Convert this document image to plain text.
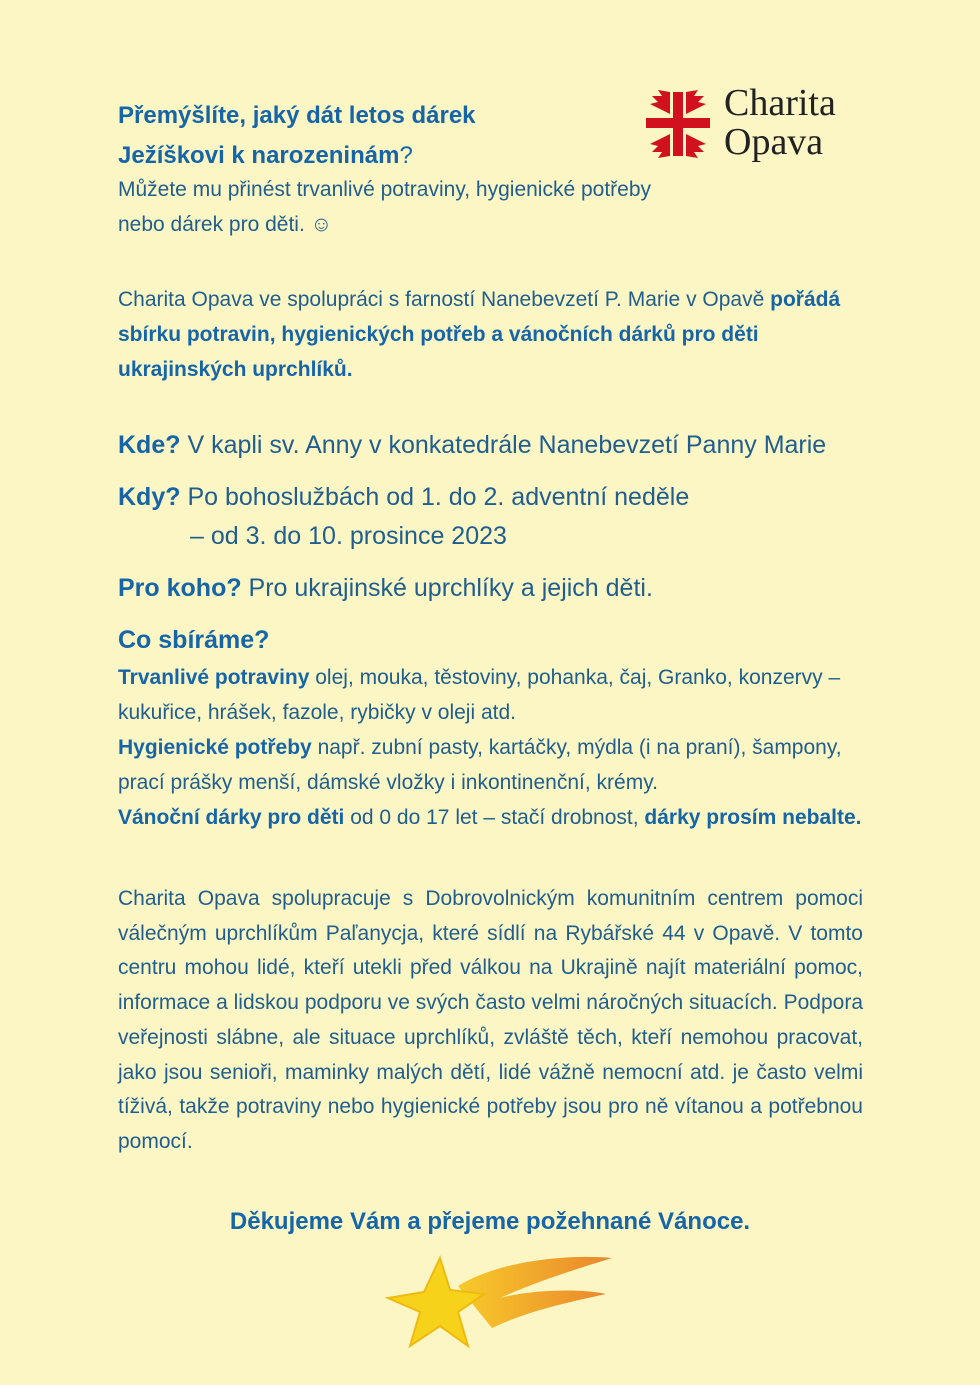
Přemýšlíte, jaký dát letos dárek
Ježíškovi k narozeninám?
Můžete mu přinést trvanlivé potraviny, hygienické potřeby
nebo dárek pro děti. ☺
Charita
Opava
Charita Opava ve spolupráci s farností Nanebevzetí P. Marie v Opavě pořádá sbírku potravin, hygienických potřeb a vánočních dárků pro děti ukrajinských uprchlíků.
Kde? V kapli sv. Anny v konkatedrále Nanebevzetí Panny Marie
Kdy? Po bohoslužbách od 1. do 2. adventní neděle
– od 3. do 10. prosince 2023
Pro koho? Pro ukrajinské uprchlíky a jejich děti.
Co sbíráme?
Trvanlivé potraviny olej, mouka, těstoviny, pohanka, čaj, Granko, konzervy – kukuřice, hrášek, fazole, rybičky v oleji atd.
Hygienické potřeby např. zubní pasty, kartáčky, mýdla (i na praní), šampony, prací prášky menší, dámské vložky i inkontinenční, krémy.
Vánoční dárky pro děti od 0 do 17 let – stačí drobnost, dárky prosím nebalte.
Charita Opava spolupracuje s Dobrovolnickým komunitním centrem pomoci válečným uprchlíkům Paľanycja, které sídlí na Rybářské 44 v Opavě. V tomto centru mohou lidé, kteří utekli před válkou na Ukrajině najít materiální pomoc, informace a lidskou podporu ve svých často velmi náročných situacích. Podpora veřejnosti slábne, ale situace uprchlíků, zvláště těch, kteří nemohou pracovat, jako jsou senioři, maminky malých dětí, lidé vážně nemocní atd. je často velmi tíživá, takže potraviny nebo hygienické potřeby jsou pro ně vítanou a potřebnou pomocí.
Děkujeme Vám a přejeme požehnané Vánoce.
